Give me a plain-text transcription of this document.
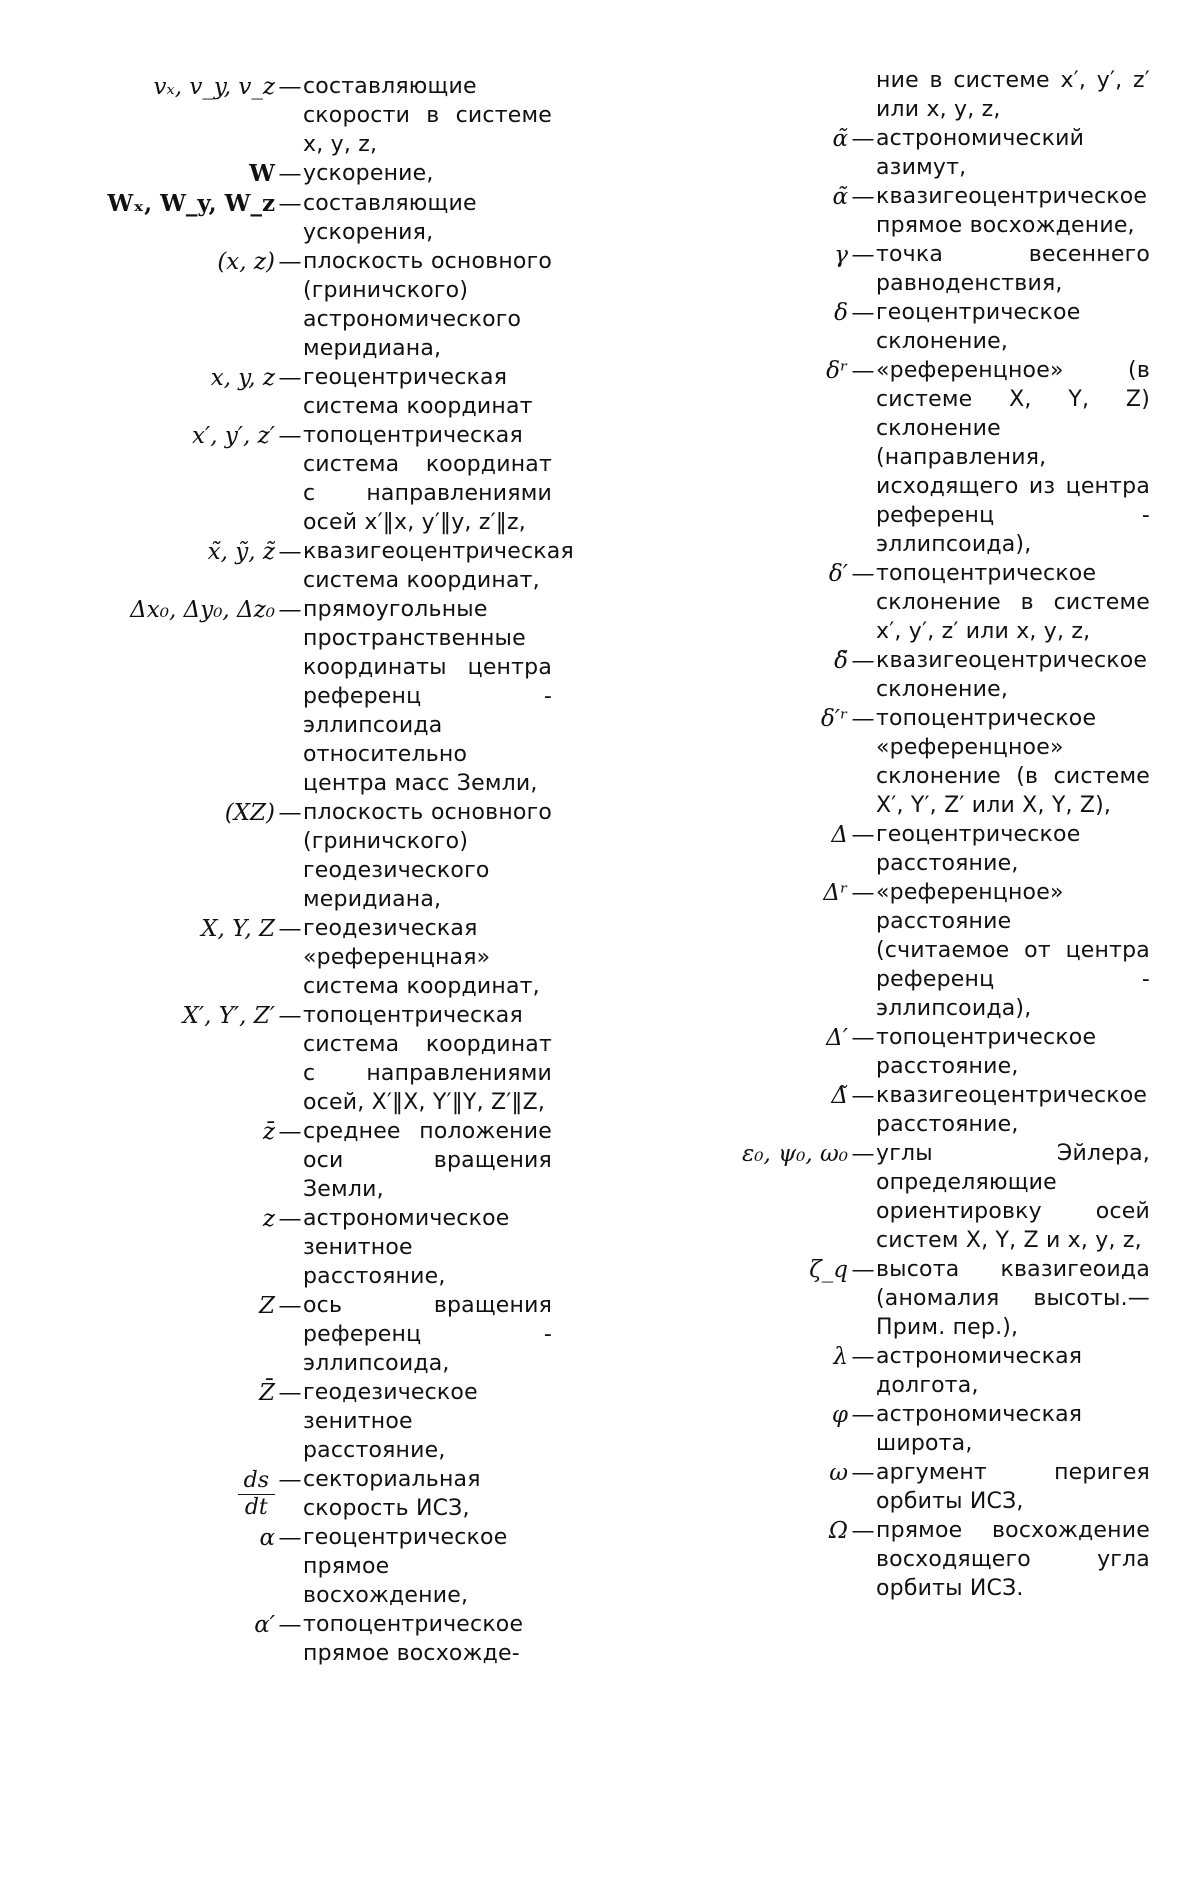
vₓ, v_y, v_z — составляющие скорости в системе x, y, z,
W — ускорение,
Wₓ, W_y, W_z — составляющие ускорения,
(x, z) — плоскость основного (гриничского) астрономического меридиана,
x, y, z — геоцентрическая система координат
x′, y′, z′ — топоцентрическая система координат с направлениями осей x′‖x, y′‖y, z′‖z,
x̃, ỹ, z̃ — квазигеоцентрическая система координат,
Δx₀, Δy₀, Δz₀ — прямоугольные пространственные координаты центра референц - эллипсоида относительно центра масс Земли,
(XZ) — плоскость основного (гриничского) геодезического меридиана,
X, Y, Z — геодезическая «референцная» система координат,
X′, Y′, Z′ — топоцентрическая система координат с направлениями осей, X′‖X, Y′‖Y, Z′‖Z,
z̄ — среднее положение оси вращения Земли,
z — астрономическое зенитное расстояние,
Z — ось вращения референц - эллипсоида,
Z̄ — геодезическое зенитное расстояние,
$\frac{ds}{dt}$ — секториальная скорость ИСЗ,
α — геоцентрическое прямое восхождение,
α′ — топоцентрическое прямое восхожде-
ние в системе x′, y′, z′ или x, y, z,
α̃ — астрономический азимут,
α̃ — квазигеоцентрическое прямое восхождение,
γ — точка весеннего равноденствия,
δ — геоцентрическое склонение,
δʳ — «референцное» (в системе X, Y, Z) склонение (направления, исходящего из центра референц - эллипсоида),
δ′ — топоцентрическое склонение в системе x′, y′, z′ или x, y, z,
δ̃ — квазигеоцентрическое склонение,
δ′ʳ — топоцентрическое «референцное» склонение (в системе X′, Y′, Z′ или X, Y, Z),
Δ — геоцентрическое расстояние,
Δʳ — «референцное» расстояние (считаемое от центра референц - эллипсоида),
Δ′ — топоцентрическое расстояние,
Δ̃ — квазигеоцентрическое расстояние,
ε₀, ψ₀, ω₀ — углы Эйлера, определяющие ориентировку осей систем X, Y, Z и x, y, z,
ζ_q — высота квазигеоида (аномалия высоты.—Прим. пер.),
λ — астрономическая долгота,
φ — астрономическая широта,
ω — аргумент перигея орбиты ИСЗ,
Ω — прямое восхождение восходящего угла орбиты ИСЗ.
